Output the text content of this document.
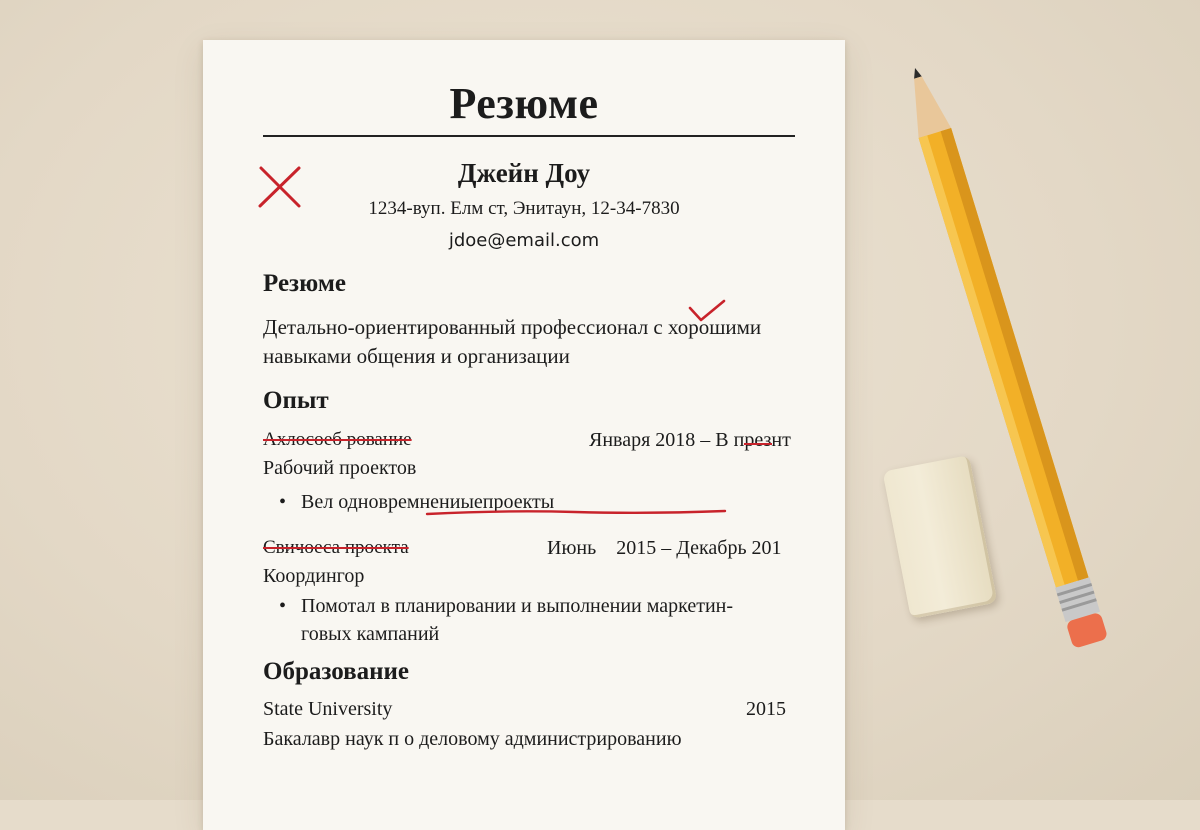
Резюме
Джейн Доу
1234-вуп. Елм ст, Энитаун, 12-34-7830
jdoe@email.com
Резюме
Детально-ориентированный профессионал с хорошими
навыками общения и организации
Опыт
Ахлосоеб рование	Января 2018 – В презнт
Рабочий проектов
• Вел одновремнениыепроекты
Свичоеса проекта	Июнь    2015 – Декабрь 201
Координгор
• Помотал в планировании и выполнении маркетин-
говых кампаний
Образование
State University	2015
Бакалавр наук п о деловому администрированию
